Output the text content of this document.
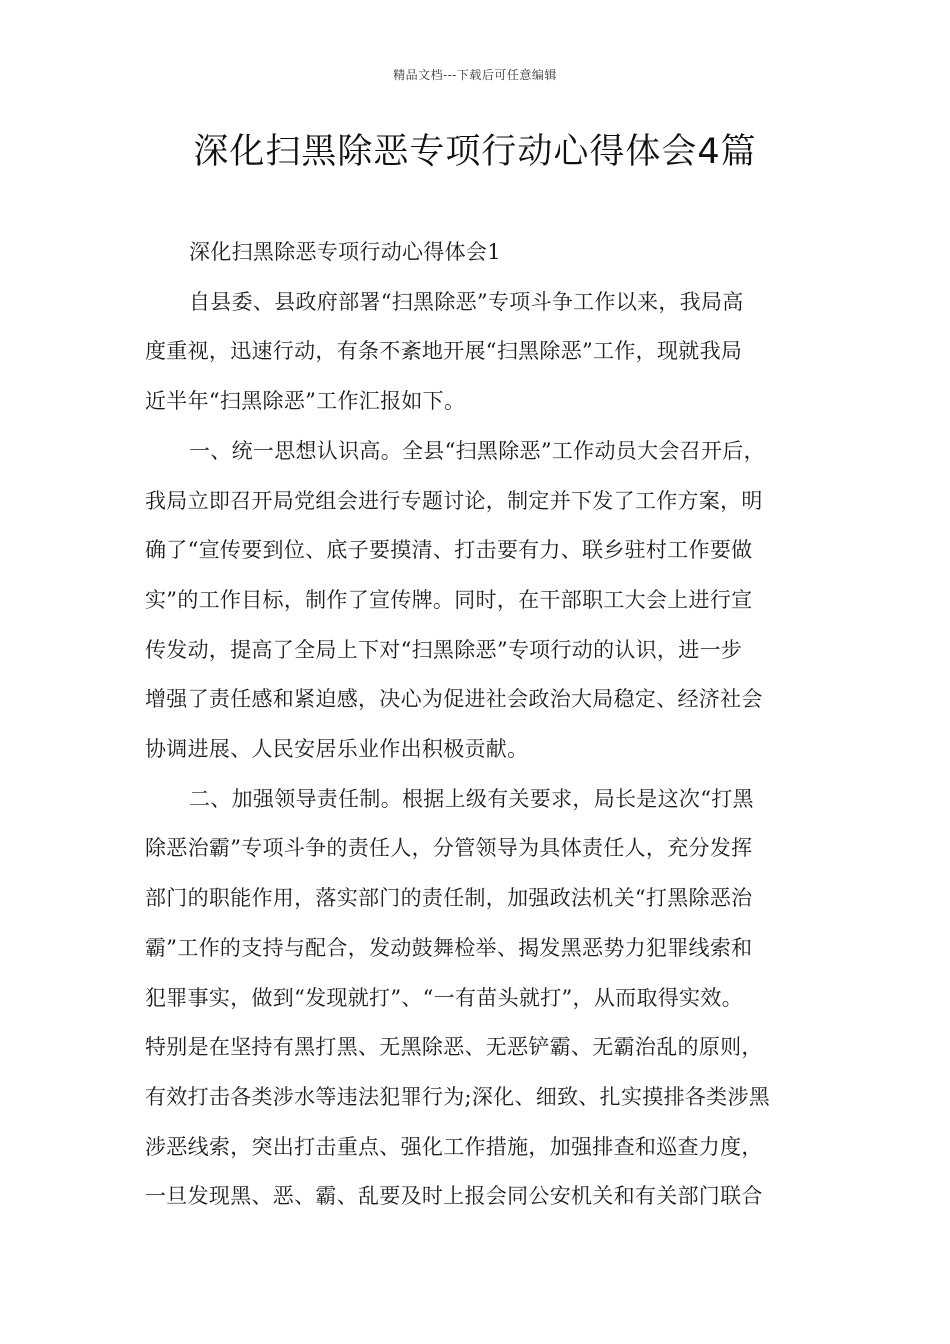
精品文档---下载后可任意编辑
深化扫黑除恶专项行动心得体会4篇
深化扫黑除恶专项行动心得体会1
自县委、县政府部署“扫黑除恶”专项斗争工作以来，我局高
度重视，迅速行动，有条不紊地开展“扫黑除恶”工作，现就我局
近半年“扫黑除恶”工作汇报如下。
一、统一思想认识高。全县“扫黑除恶”工作动员大会召开后，
我局立即召开局党组会进行专题讨论，制定并下发了工作方案，明
确了“宣传要到位、底子要摸清、打击要有力、联乡驻村工作要做
实”的工作目标，制作了宣传牌。同时，在干部职工大会上进行宣
传发动，提高了全局上下对“扫黑除恶”专项行动的认识，进一步
增强了责任感和紧迫感，决心为促进社会政治大局稳定、经济社会
协调进展、人民安居乐业作出积极贡献。
二、加强领导责任制。根据上级有关要求，局长是这次“打黑
除恶治霸”专项斗争的责任人，分管领导为具体责任人，充分发挥
部门的职能作用，落实部门的责任制，加强政法机关“打黑除恶治
霸”工作的支持与配合，发动鼓舞检举、揭发黑恶势力犯罪线索和
犯罪事实，做到“发现就打”、“一有苗头就打”，从而取得实效。
特别是在坚持有黑打黑、无黑除恶、无恶铲霸、无霸治乱的原则，
有效打击各类涉水等违法犯罪行为;深化、细致、扎实摸排各类涉黑
涉恶线索，突出打击重点、强化工作措施，加强排查和巡查力度，
一旦发现黑、恶、霸、乱要及时上报会同公安机关和有关部门联合
